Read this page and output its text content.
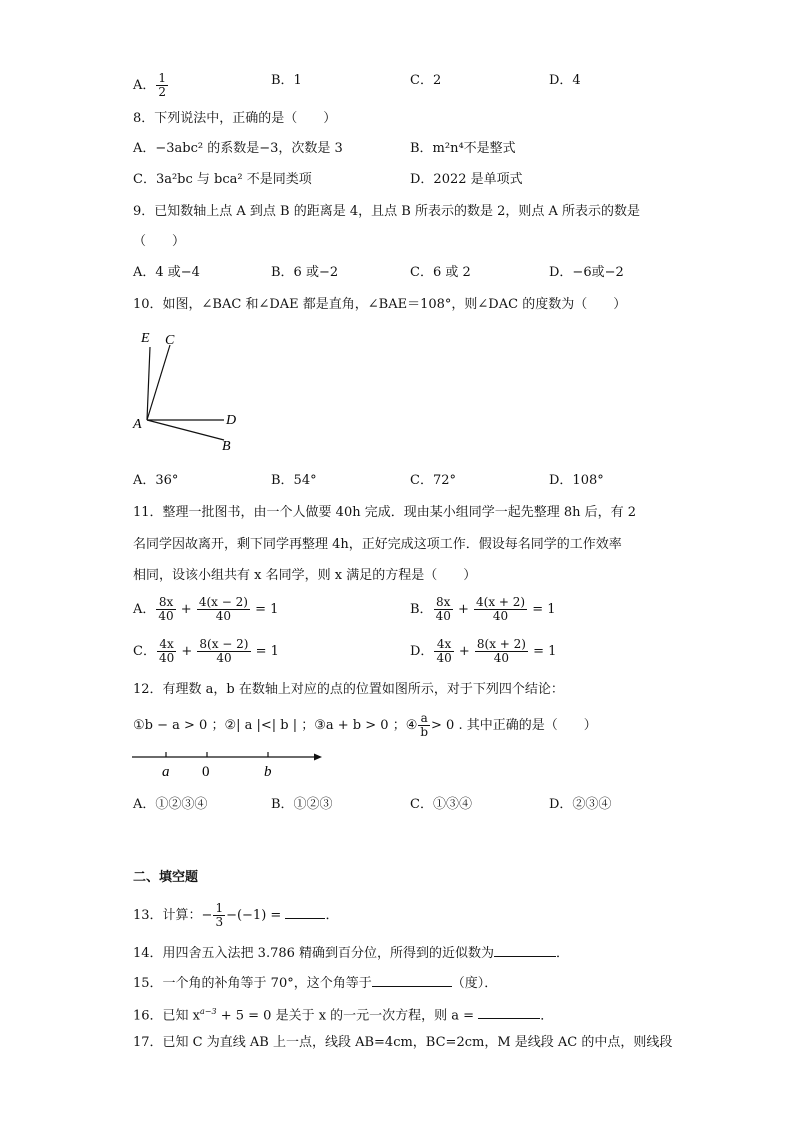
A． $\frac{1}{2}$	B．1	C．2	D．4
8．下列说法中，正确的是（　　）
A．−3abc² 的系数是−3，次数是 3	B．m²n⁴不是整式
C．3a²bc 与 bca² 不是同类项	D．2022 是单项式
9．已知数轴上点 A 到点 B 的距离是 4，且点 B 所表示的数是 2，则点 A 所表示的数是
（　　）
A．4 或−4	B．6 或−2	C．6 或 2	D．−6或−2
10．如图，∠BAC 和∠DAE 都是直角，∠BAE＝108°，则∠DAC 的度数为（　　）
E C
A	D
B
A．36°	B．54°	C．72°	D．108°
11．整理一批图书，由一个人做要 40h 完成．现由某小组同学一起先整理 8h 后，有 2
名同学因故离开，剩下同学再整理 4h，正好完成这项工作．假设每名同学的工作效率
相同，设该小组共有 x 名同学，则 x 满足的方程是（　　）
A． $\frac{8x}{40} + \frac{4(x - 2)}{40} = 1$	B． $\frac{8x}{40} + \frac{4(x + 2)}{40} = 1$
C． $\frac{4x}{40} + \frac{8(x - 2)}{40} = 1$	D． $\frac{4x}{40} + \frac{8(x + 2)}{40} = 1$
12．有理数 a，b 在数轴上对应的点的位置如图所示，对于下列四个结论：
①b − a > 0 ；②| a |<| b | ；③a + b > 0 ；④ $\frac{a}{b} > 0$ . 其中正确的是（　　）
a 0	b
A．①②③④	B．①②③	C．①③④	D．②③④
二、填空题
13．计算：− $\frac{1}{3} -(-1)$ =	．
14．用四舍五入法把 3.786 精确到百分位，所得到的近似数为	．
15．一个角的补角等于 70°，这个角等于	（度）．
16．已知 $x^{a-3} + 5 = 0$ 是关于 x 的一元一次方程，则 a =	．
17．已知 C 为直线 AB 上一点，线段 AB=4cm，BC=2cm，M 是线段 AC 的中点，则线段
